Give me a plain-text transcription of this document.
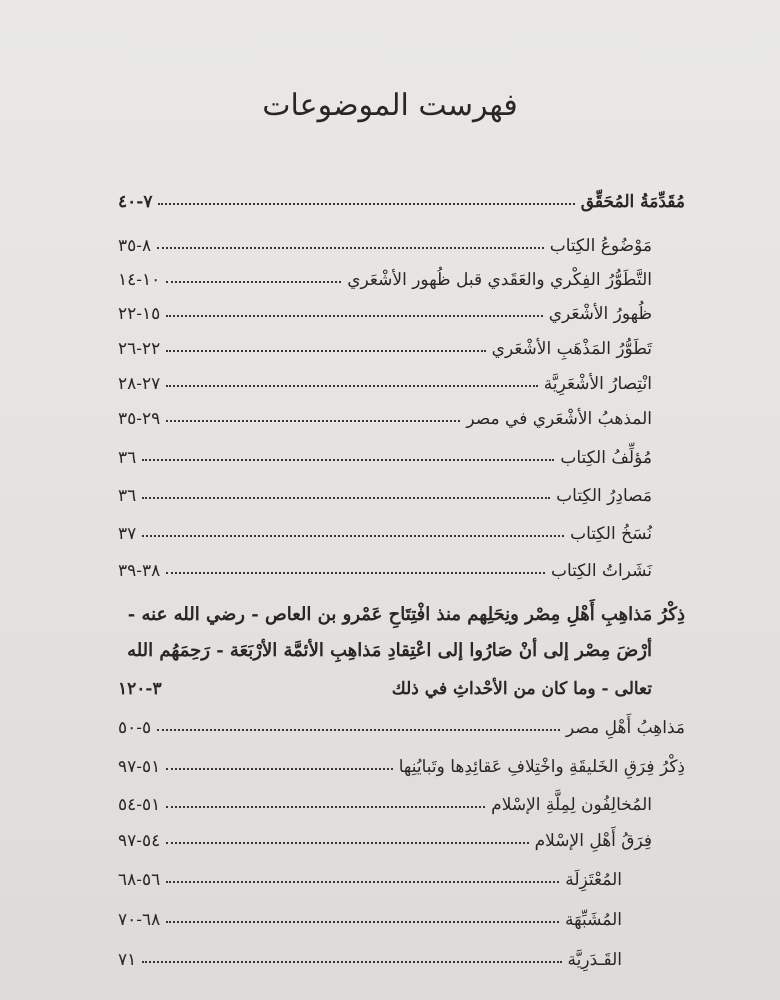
فهرست الموضوعات
مُقَدِّمَةُ المُحَقِّق
٧-٤٠
مَوْضُوعُ الكِتاب
٨-٣٥
التَّطَوُّرُ الفِكْري والعَقَدي قبل ظُهور الأشْعَري
١٠-١٤
ظُهورُ الأشْعَري
١٥-٢٢
تَطَوُّرُ المَذْهَبِ الأشْعَري
٢٢-٢٦
انْتِصارُ الأشْعَرِيَّة
٢٧-٢٨
المذهبُ الأشْعَري في مصر
٢٩-٣٥
مُؤلِّفُ الكِتاب
٣٦
مَصادِرُ الكِتاب
٣٦
نُسَخُ الكِتاب
٣٧
نَشَراتُ الكِتاب
٣٨-٣٩
ذِكْرُ مَذاهِبِ أَهْلِ مِصْر ونِحَلِهم منذ افْتِتَاحِ عَمْرو بن العاص - رضي الله عنه -
أرْضَ مِصْر إلى أنْ صَارُوا إلى اعْتِقادِ مَذاهِبِ الأئمَّة الأرْبَعَة - رَحِمَهُم الله
تعالى - وما كان من الأحْداثِ في ذلك
٣-١٢٠
مَذاهِبُ أَهْلِ مصر
٥-٥٠
ذِكْرُ فِرَقِ الخَليقَةِ واخْتِلافِ عَقائِدِها وتَبايُنِها
٥١-٩٧
المُخالِفُون لِمِلَّةِ الإسْلام
٥١-٥٤
فِرَقُ أَهْلِ الإسْلام
٥٤-٩٧
المُعْتَزِلَة
٥٦-٦٨
المُشَبِّهَة
٦٨-٧٠
القَـدَرِيَّة
٧١
